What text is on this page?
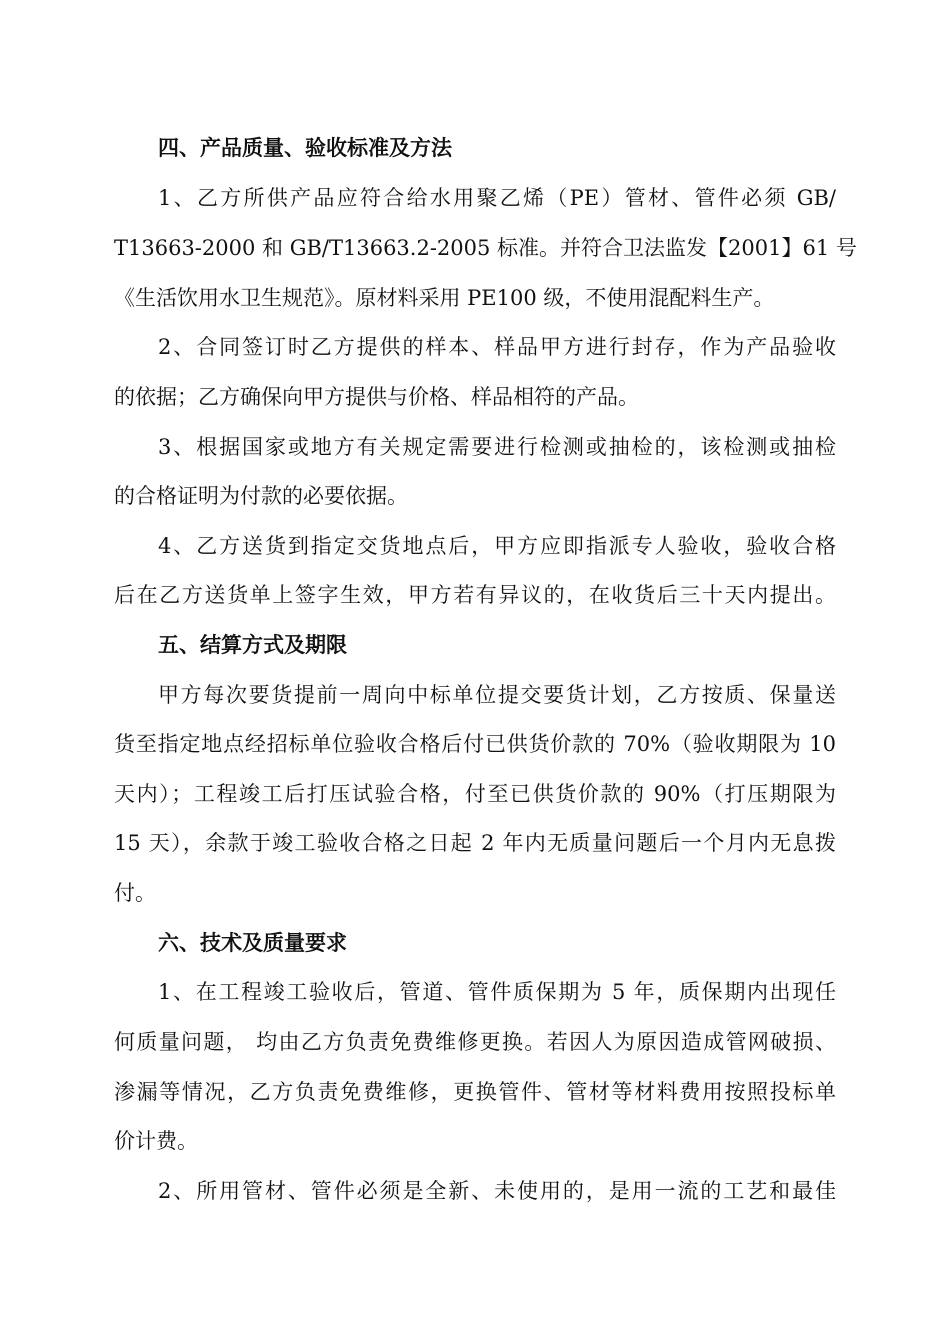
四、产品质量、验收标准及方法

1、乙方所供产品应符合给水用聚乙烯（PE）管材、管件必须 GB/

T13663-2000 和 GB/T13663.2-2005 标准。并符合卫法监发【2001】61 号

《生活饮用水卫生规范》。原材料采用 PE100 级，不使用混配料生产。

2、合同签订时乙方提供的样本、样品甲方进行封存，作为产品验收

的依据；乙方确保向甲方提供与价格、样品相符的产品。

3、根据国家或地方有关规定需要进行检测或抽检的，该检测或抽检

的合格证明为付款的必要依据。

4、乙方送货到指定交货地点后，甲方应即指派专人验收，验收合格

后在乙方送货单上签字生效，甲方若有异议的，在收货后三十天内提出。

五、结算方式及期限

甲方每次要货提前一周向中标单位提交要货计划，乙方按质、保量送

货至指定地点经招标单位验收合格后付已供货价款的 70%（验收期限为 10

天内）；工程竣工后打压试验合格，付至已供货价款的 90%（打压期限为

15 天），余款于竣工验收合格之日起 2 年内无质量问题后一个月内无息拨

付。

六、技术及质量要求

1、在工程竣工验收后，管道、管件质保期为 5 年，质保期内出现任

何质量问题， 均由乙方负责免费维修更换。若因人为原因造成管网破损、

渗漏等情况，乙方负责免费维修，更换管件、管材等材料费用按照投标单

价计费。

2、所用管材、管件必须是全新、未使用的，是用一流的工艺和最佳
